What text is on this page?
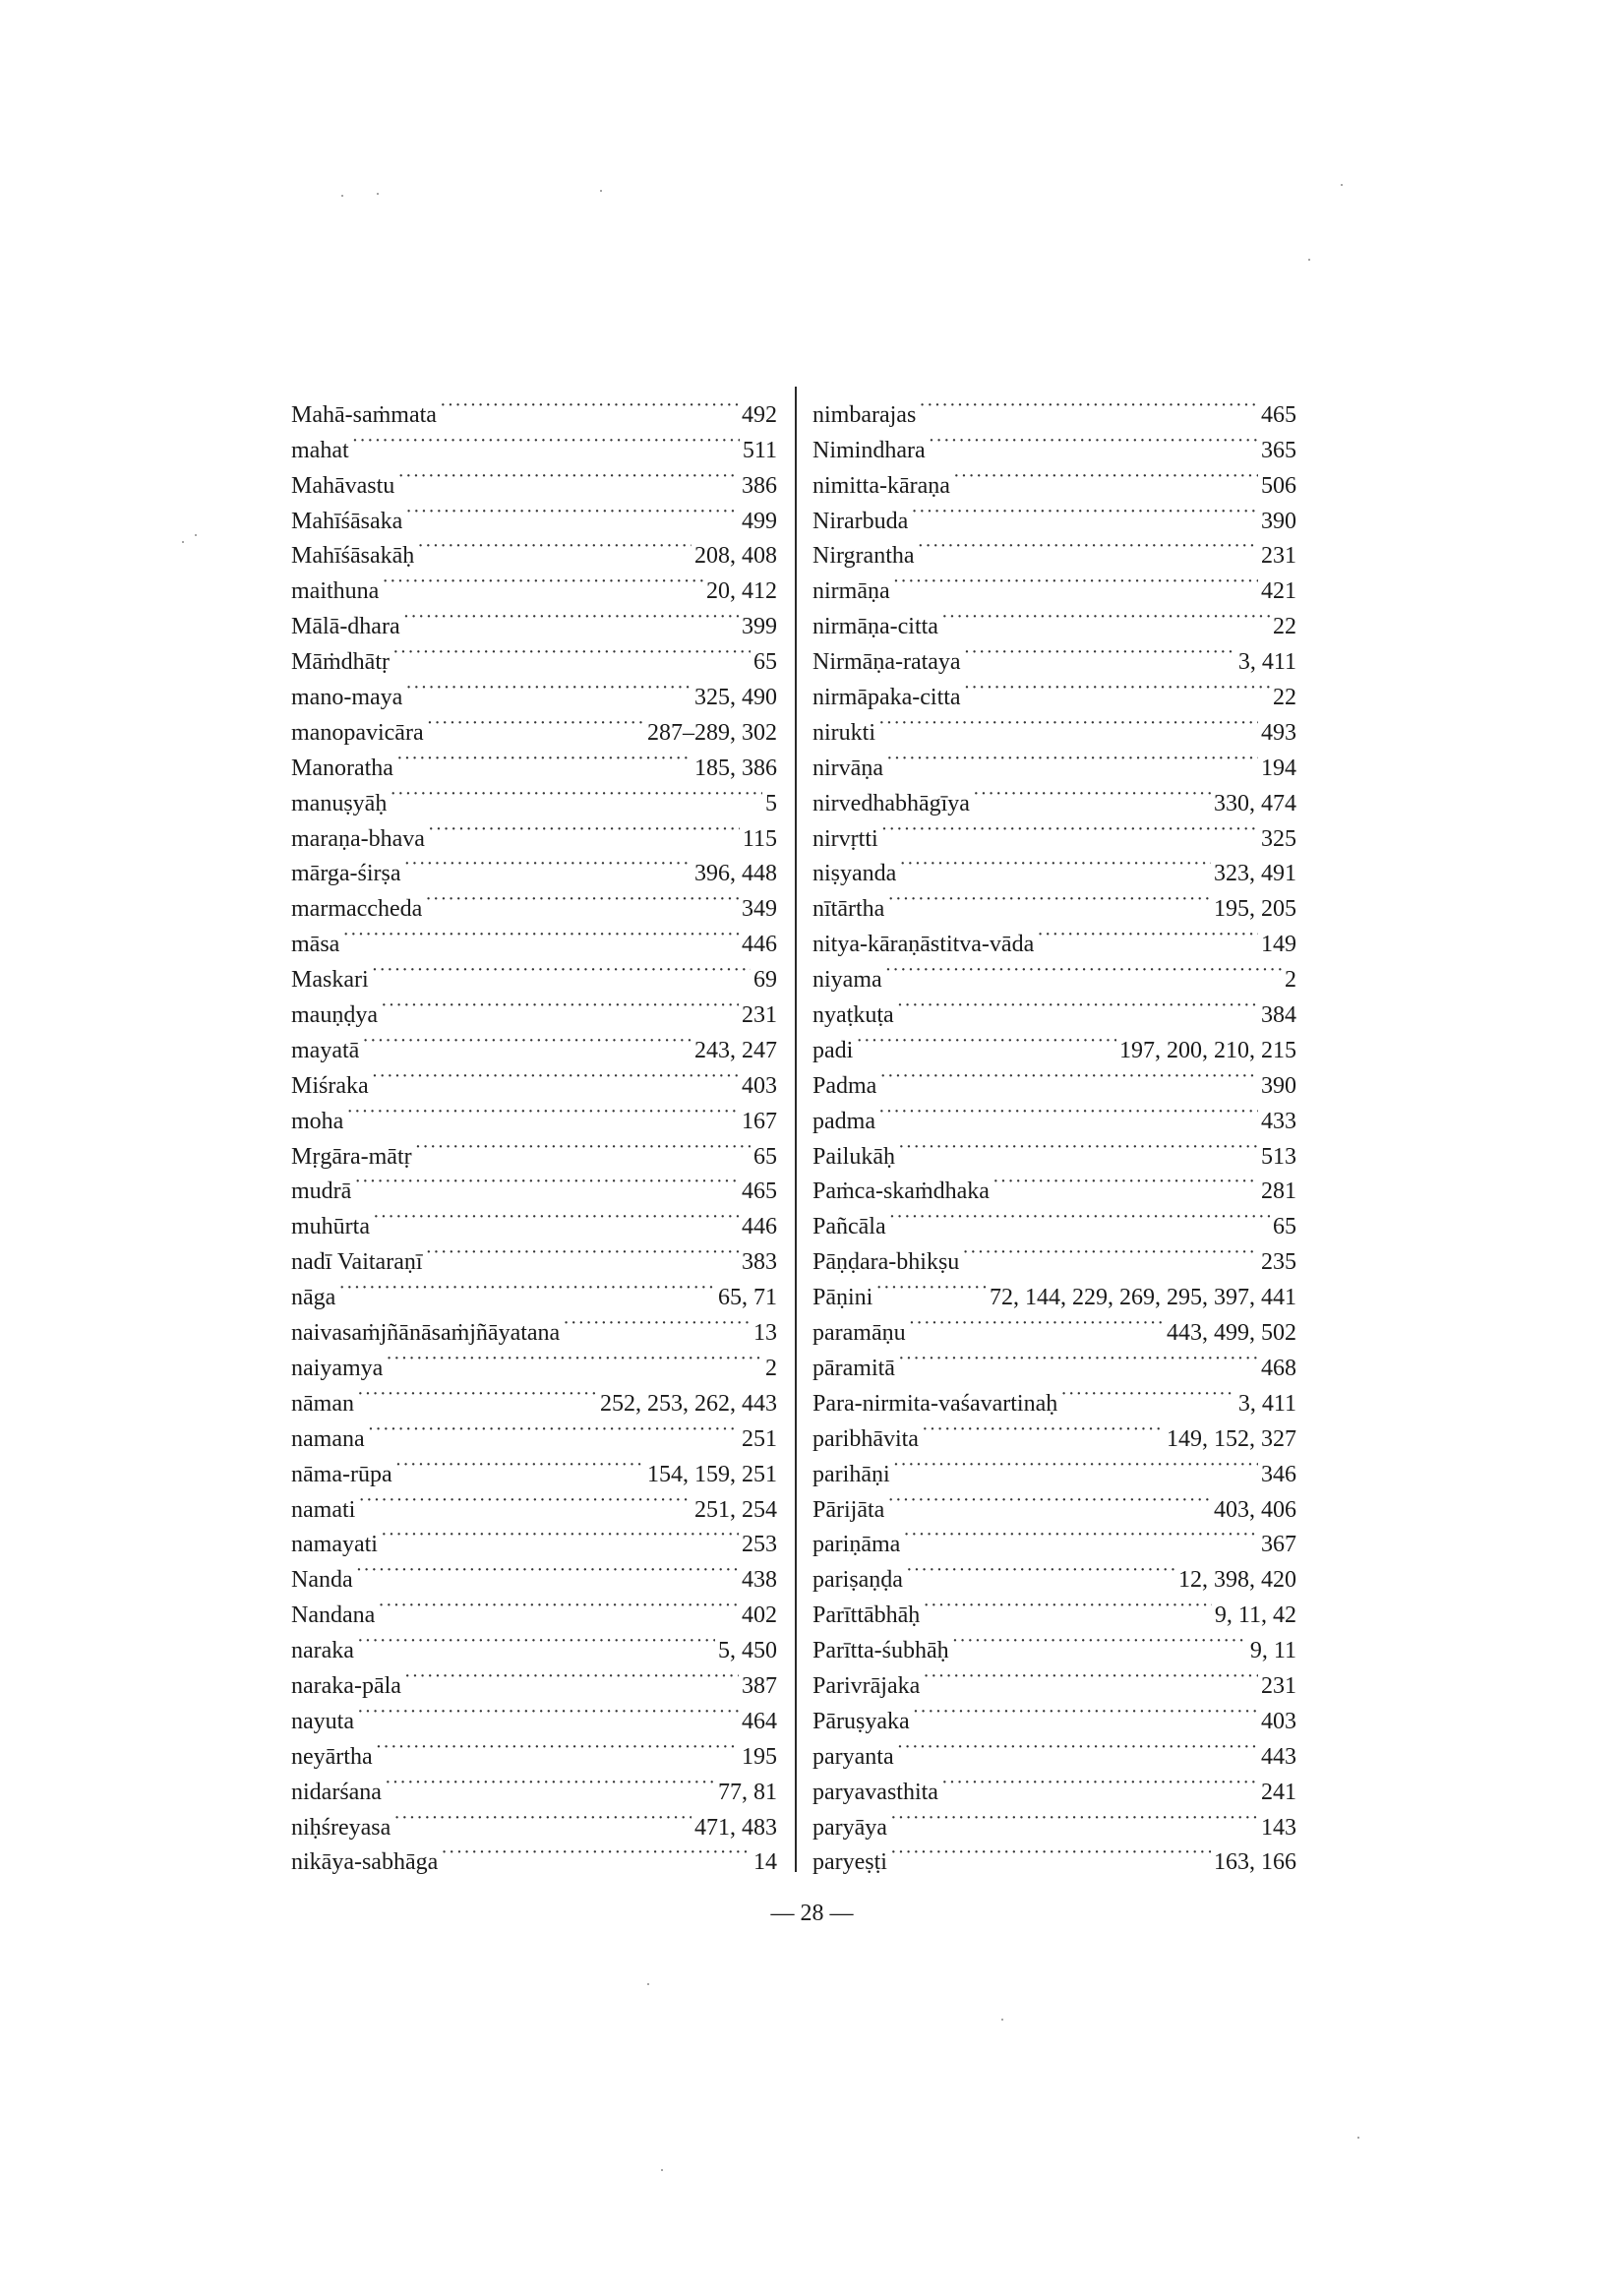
Mahā-saṁmata ·····	492
mahat ·····	511
Mahāvastu ·····	386
Mahīśāsaka ·····	499
Mahīśāsakāḥ ·····	208, 408
maithuna ·····	20, 412
Mālā-dhara ·····	399
Māṁdhātṛ ·····	65
mano-maya ·····	325, 490
manopavicāra ·····	287–289, 302
Manoratha ·····	185, 386
manuṣyāḥ ·····	5
maraṇa-bhava ·····	115
mārga-śirṣa ·····	396, 448
marmaccheda ·····	349
māsa ·····	446
Maskari ·····	69
mauṇḍya ·····	231
mayatā ·····	243, 247
Miśraka ·····	403
moha ·····	167
Mṛgāra-mātṛ ·····	65
mudrā ·····	465
muhūrta ·····	446
nadī Vaitaraṇī ·····	383
nāga ·····	65, 71
naivasaṁjñānāsaṁjñāyatana ·····	13
naiyamya ·····	2
nāman ·····	252, 253, 262, 443
namana ·····	251
nāma-rūpa ·····	154, 159, 251
namati ·····	251, 254
namayati ·····	253
Nanda ·····	438
Nandana ·····	402
naraka ·····	5, 450
naraka-pāla ·····	387
nayuta ·····	464
neyārtha ·····	195
nidarśana ·····	77, 81
niḥśreyasa ·····	471, 483
nikāya-sabhāga ·····	14
nimbarajas ·····	465
Nimindhara ·····	365
nimitta-kāraṇa ·····	506
Nirarbuda ·····	390
Nirgrantha ·····	231
nirmāṇa ·····	421
nirmāṇa-citta ·····	22
Nirmāṇa-rataya ·····	3, 411
nirmāpaka-citta ·····	22
nirukti ·····	493
nirvāṇa ·····	194
nirvedhabhāgīya ·····	330, 474
nirvṛtti ·····	325
niṣyanda ·····	323, 491
nītārtha ·····	195, 205
nitya-kāraṇāstitva-vāda ·····	149
niyama ·····	2
nyaṭkuṭa ·····	384
padi ·····	197, 200, 210, 215
Padma ·····	390
padma ·····	433
Pailukāḥ ·····	513
Paṁca-skaṁdhaka ·····	281
Pañcāla ·····	65
Pāṇḍara-bhikṣu ·····	235
Pāṇini ·····	72, 144, 229, 269, 295, 397, 441
paramāṇu ·····	443, 499, 502
pāramitā ·····	468
Para-nirmita-vaśavartinaḥ ·····	3, 411
paribhāvita ·····	149, 152, 327
parihāṇi ·····	346
Pārijāta ·····	403, 406
pariṇāma ·····	367
pariṣaṇḍa ·····	12, 398, 420
Parīttābhāḥ ·····	9, 11, 42
Parītta-śubhāḥ ·····	9, 11
Parivrājaka ·····	231
Pāruṣyaka ·····	403
paryanta ·····	443
paryavasthita ·····	241
paryāya ·····	143
paryeṣṭi ·····	163, 166
— 28 —
